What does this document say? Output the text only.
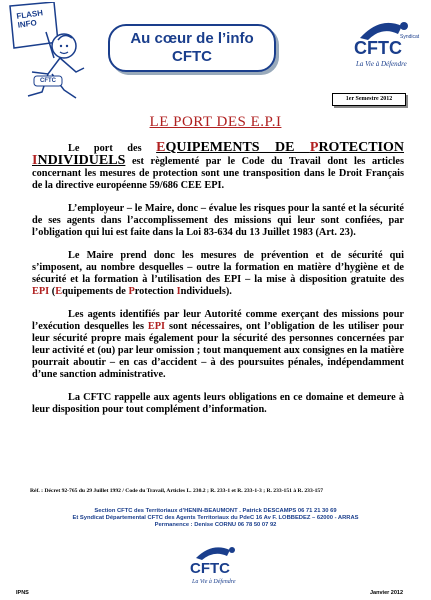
FLASH
INFO
CFTC
Au cœur de l’info
CFTC
Syndicat
CFTC
La Vie à Défendre
1er Semestre 2012
LE PORT DES E.P.I

Le port des EQUIPEMENTS DE PROTECTION INDIVIDUELS est règlementé par le Code du Travail dont les articles concernant les mesures de protection sont une transposition dans le Droit Français de la directive européenne 59/686 CEE EPI.

L’employeur – le Maire, donc – évalue les risques pour la santé et la sécurité de ses agents dans l’accomplissement des missions qui leur sont confiées, par l’obligation qui lui est faite dans la Loi 83-634 du 13 Juillet 1983 (Art. 23).

Le Maire prend donc les mesures de prévention et de sécurité qui s’imposent, au nombre desquelles – outre la formation en matière d’hygiène et de sécurité et la formation à l’utilisation des EPI – la mise à disposition gratuite des EPI (Equipements de Protection Individuels).

Les agents identifiés par leur Autorité comme exerçant des missions pour l’exécution desquelles les EPI sont nécessaires, ont l’obligation de les utiliser pour leur sécurité propre mais également pour la sécurité des personnes concernées par leur activité et (ou) par leur omission ; tout manquement aux consignes en la matière pourrait aboutir – en cas d’accident – à des poursuites pénales, indépendamment d’une sanction administrative.

La CFTC rappelle aux agents leurs obligations en ce domaine et demeure à leur disposition pour tout complément d’information.

Réf. : Décret 92-765 du 29 Juillet 1992 / Code du Travail, Articles L. 230.2 ; R. 233-1 et R. 233-1-3 ; R. 233-151 à R. 233-157
Section CFTC des Territoriaux d’HENIN-BEAUMONT . Patrick DESCAMPS 06 71 21 30 69
Et Syndicat Départemental CFTC des Agents Territoriaux du PdeC 16 Av F. LOBBEDEZ – 62000 - ARRAS
Permanence : Denise CORNU 06 78 50 07 92
CFTC
La Vie à Défendre
IPNS	Janvier 2012
